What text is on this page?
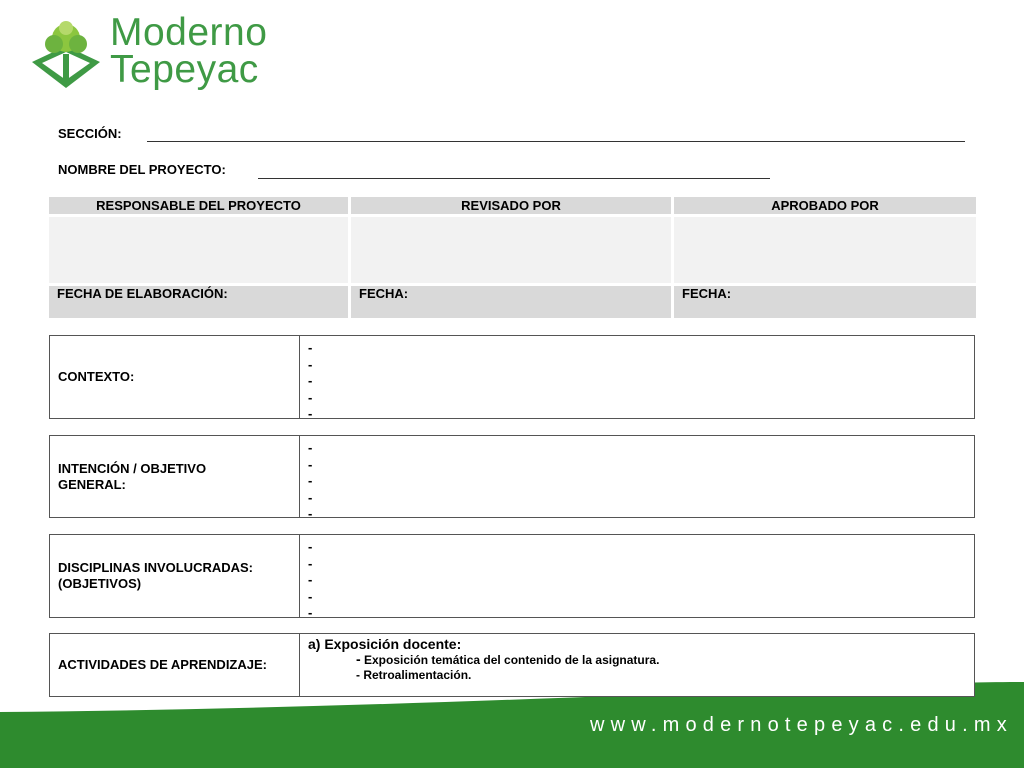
Moderno
Tepeyac
SECCIÓN:
NOMBRE DEL PROYECTO:
RESPONSABLE DEL PROYECTO	REVISADO POR	APROBADO POR

FECHA DE ELABORACIÓN:	FECHA:	FECHA:
CONTEXTO:
-
-
-
-
-
INTENCIÓN / OBJETIVO
GENERAL:
-
-
-
-
-
DISCIPLINAS INVOLUCRADAS:
(OBJETIVOS)
-
-
-
-
-
ACTIVIDADES DE APRENDIZAJE:
a) Exposición docente:
- Exposición temática del contenido de la asignatura.
- Retroalimentación.
www.modernotepeyac.edu.mx
